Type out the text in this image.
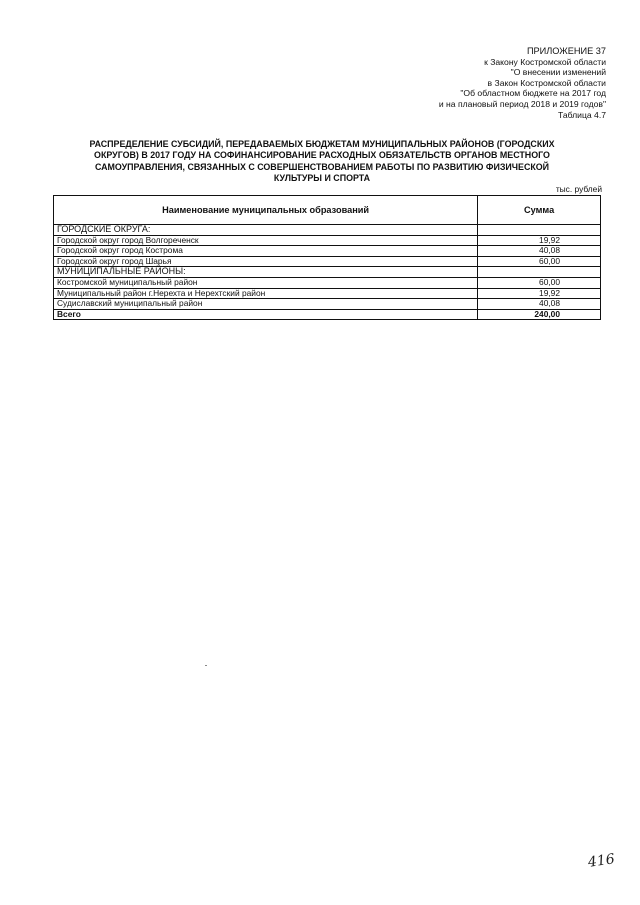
ПРИЛОЖЕНИЕ 37
к Закону Костромской области
"О внесении изменений
в Закон Костромской области
"Об областном бюджете на 2017 год
и на плановый период 2018 и 2019 годов"
Таблица 4.7
РАСПРЕДЕЛЕНИЕ СУБСИДИЙ, ПЕРЕДАВАЕМЫХ БЮДЖЕТАМ МУНИЦИПАЛЬНЫХ РАЙОНОВ (ГОРОДСКИХ
ОКРУГОВ) В 2017 ГОДУ НА СОФИНАНСИРОВАНИЕ РАСХОДНЫХ ОБЯЗАТЕЛЬСТВ ОРГАНОВ МЕСТНОГО
САМОУПРАВЛЕНИЯ, СВЯЗАННЫХ С СОВЕРШЕНСТВОВАНИЕМ РАБОТЫ ПО РАЗВИТИЮ ФИЗИЧЕСКОЙ
КУЛЬТУРЫ И СПОРТА
тыс. рублей
Наименование муниципальных образований	Сумма
ГОРОДСКИЕ ОКРУГА:	
Городской округ город Волгореченск	19,92
Городской округ город Кострома	40,08
Городской округ город Шарья	60,00
МУНИЦИПАЛЬНЫЕ РАЙОНЫ:	
Костромской муниципальный район	60,00
Муниципальный район г.Нерехта и Нерехтский район	19,92
Судиславский муниципальный район	40,08
Всего	240,00
416
